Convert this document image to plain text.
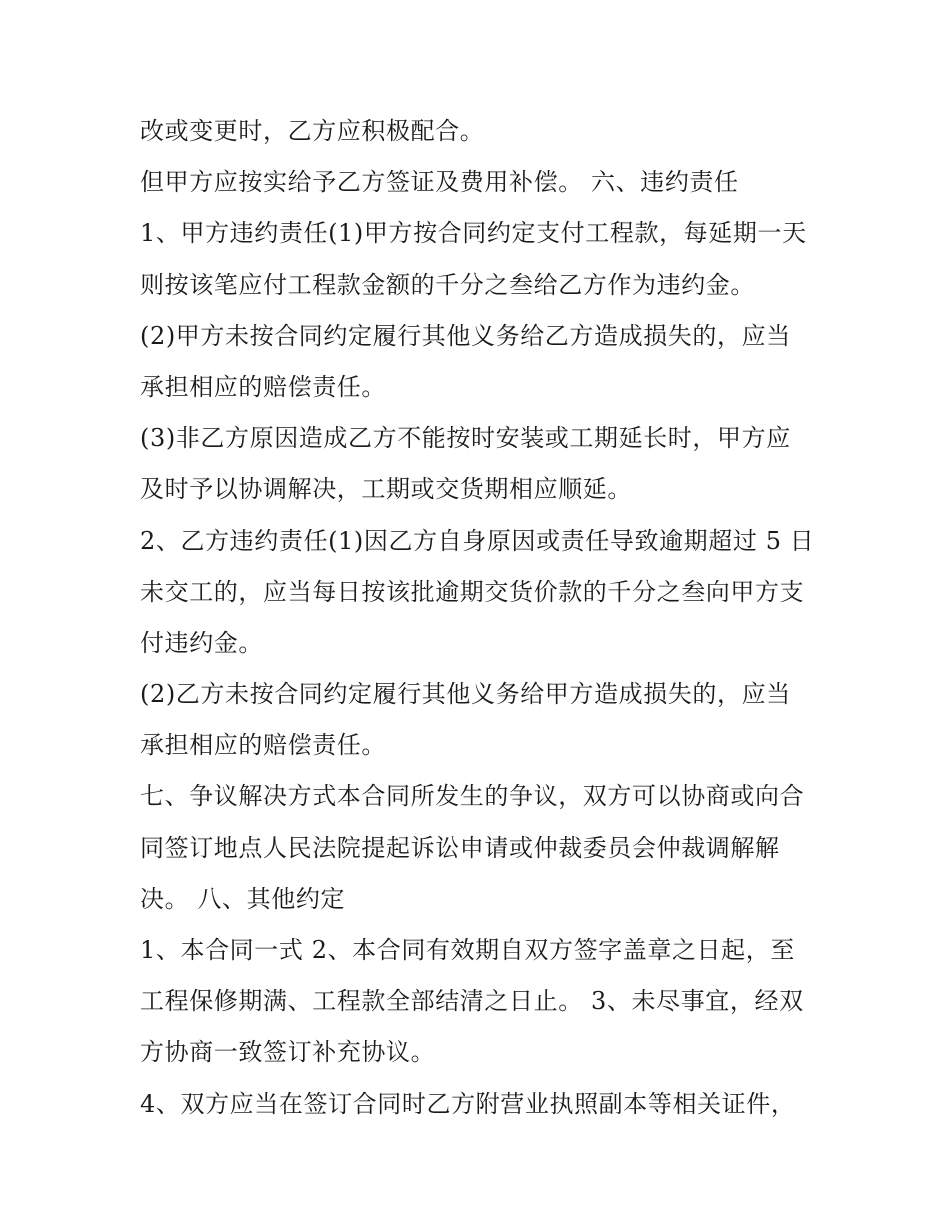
改或变更时，乙方应积极配合。
但甲方应按实给予乙方签证及费用补偿。 六、违约责任
1、甲方违约责任(1)甲方按合同约定支付工程款，每延期一天
则按该笔应付工程款金额的千分之叁给乙方作为违约金。
(2)甲方未按合同约定履行其他义务给乙方造成损失的，应当
承担相应的赔偿责任。
(3)非乙方原因造成乙方不能按时安装或工期延长时，甲方应
及时予以协调解决，工期或交货期相应顺延。
2、乙方违约责任(1)因乙方自身原因或责任导致逾期超过 5 日
未交工的，应当每日按该批逾期交货价款的千分之叁向甲方支
付违约金。
(2)乙方未按合同约定履行其他义务给甲方造成损失的，应当
承担相应的赔偿责任。
七、争议解决方式本合同所发生的争议，双方可以协商或向合
同签订地点人民法院提起诉讼申请或仲裁委员会仲裁调解解
决。 八、其他约定
1、本合同一式 2、本合同有效期自双方签字盖章之日起，至
工程保修期满、工程款全部结清之日止。 3、未尽事宜，经双
方协商一致签订补充协议。
4、双方应当在签订合同时乙方附营业执照副本等相关证件，
